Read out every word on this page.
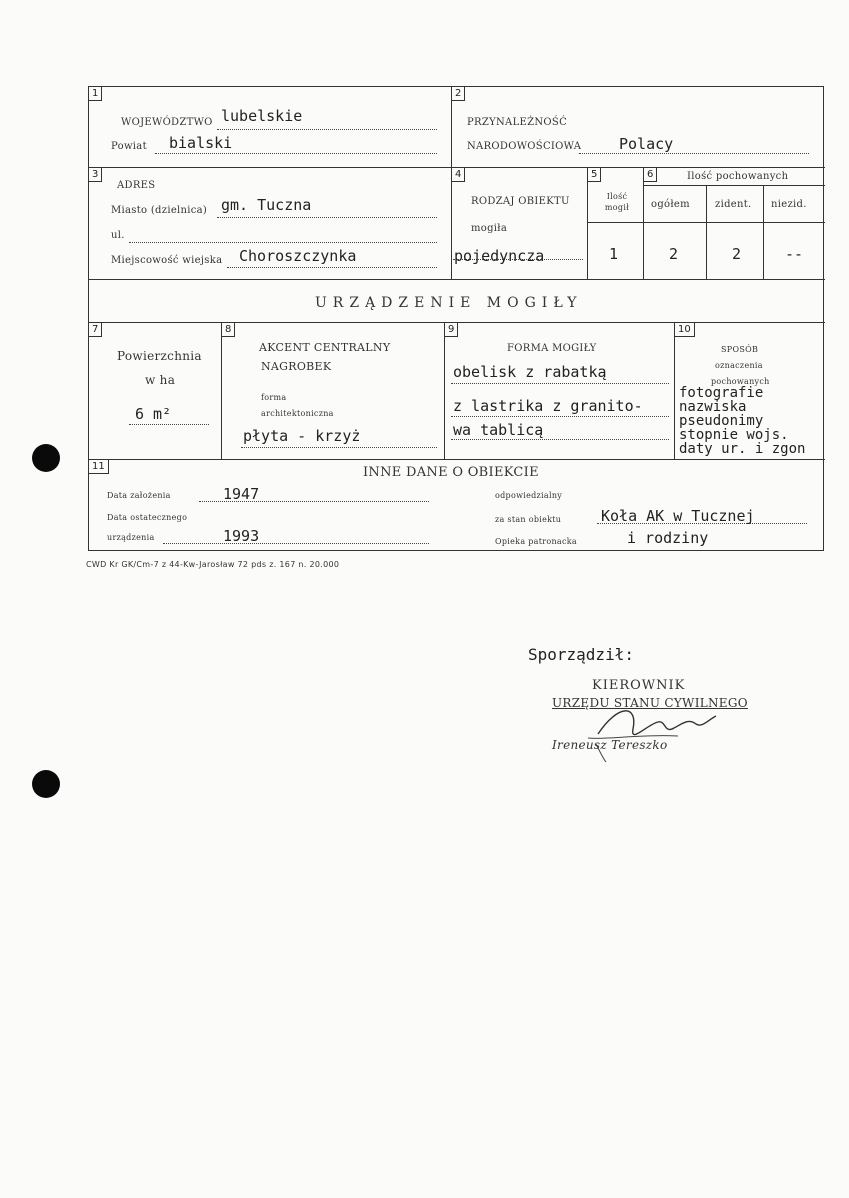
1	2
3	4	5	6
7	8	9	10
11
WOJEWÓDZTWO lubelskie
Powiat bialski
PRZYNALEŻNOŚĆ
NARODOWOŚCIOWA	Polacy
ADRES
Miasto (dzielnica) gm. Tuczna
ul.
Miejscowość wiejska Choroszczynka
RODZAJ OBIEKTU
mogiła
pojedyncza
Ilość mogił
1
Ilość pochowanych
ogółem	zident. niezid.
2	2	--
URZĄDZENIE MOGIŁY
Powierzchnia
w ha
6 m²
AKCENT CENTRALNY
NAGROBEK
forma
architektoniczna
płyta - krzyż
FORMA MOGIŁY
obelisk z rabatką
z lastrika z granito-
wa tablicą
SPOSÓB
oznaczenia
pochowanych
fotografie
nazwiska
pseudonimy
stopnie wojs.
daty ur. i zgon
INNE DANE O OBIEKCIE
Data założenia	1947
Data ostatecznego
urządzenia	1993
odpowiedzialny
za stan obiektu	Koła AK w Tucznej
Opieka patronacka	i rodziny
CWD Kr GK/Cm-7 z 44-Kw-Jarosław 72 pds z. 167 n. 20.000
Sporządził:
KIEROWNIK
URZĘDU STANU CYWILNEGO
Ireneusz Tereszko
